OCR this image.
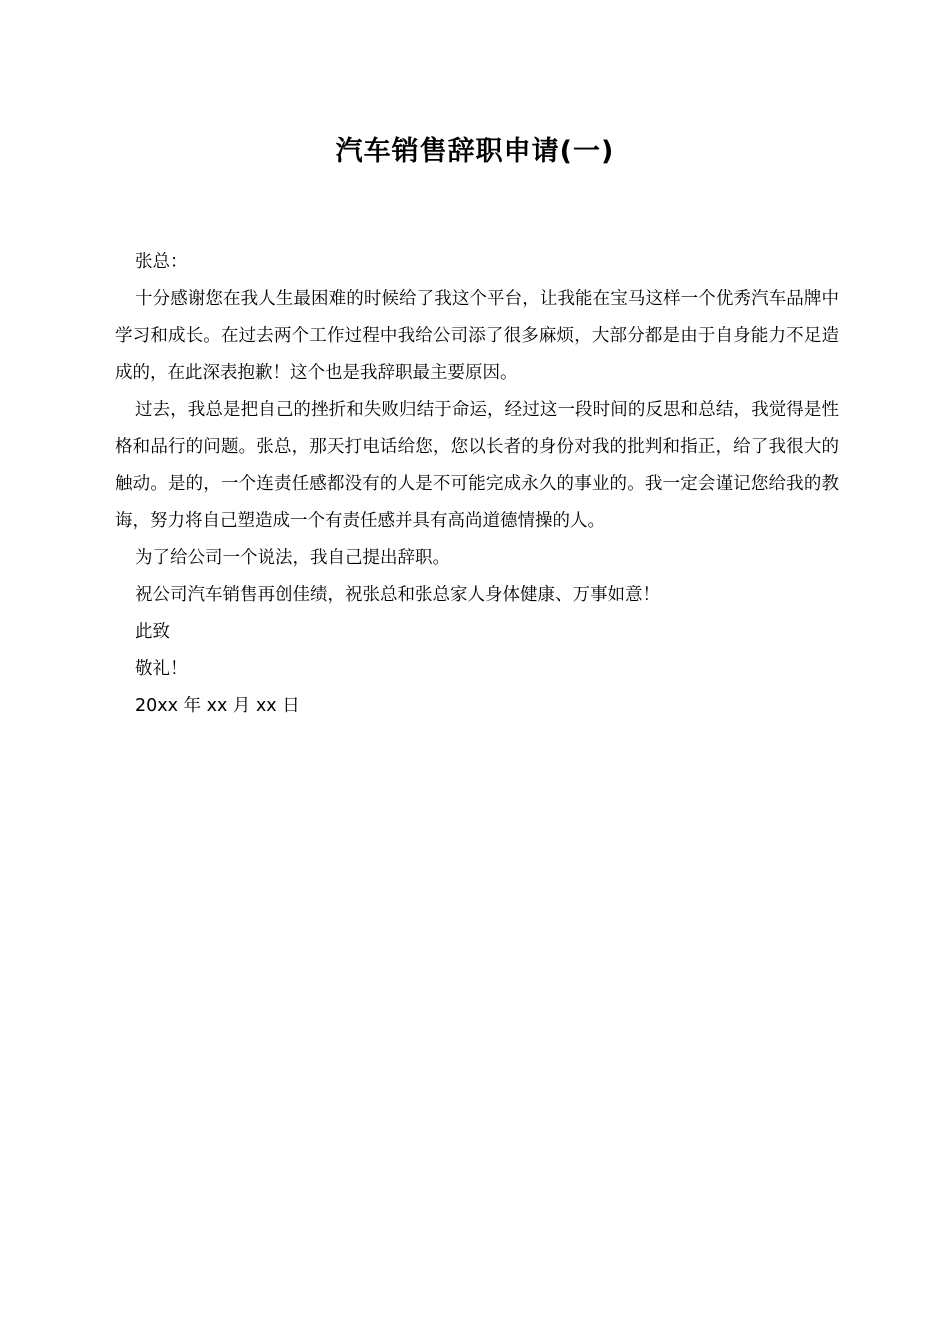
汽车销售辞职申请(一)

张总：

十分感谢您在我人生最困难的时候给了我这个平台，让我能在宝马这样一个优秀汽车品牌中学习和成长。在过去两个工作过程中我给公司添了很多麻烦，大部分都是由于自身能力不足造成的，在此深表抱歉！这个也是我辞职最主要原因。

过去，我总是把自己的挫折和失败归结于命运，经过这一段时间的反思和总结，我觉得是性格和品行的问题。张总，那天打电话给您，您以长者的身份对我的批判和指正，给了我很大的触动。是的，一个连责任感都没有的人是不可能完成永久的事业的。我一定会谨记您给我的教诲，努力将自己塑造成一个有责任感并具有高尚道德情操的人。

为了给公司一个说法，我自己提出辞职。

祝公司汽车销售再创佳绩，祝张总和张总家人身体健康、万事如意！

此致

敬礼！

20xx 年 xx 月 xx 日
